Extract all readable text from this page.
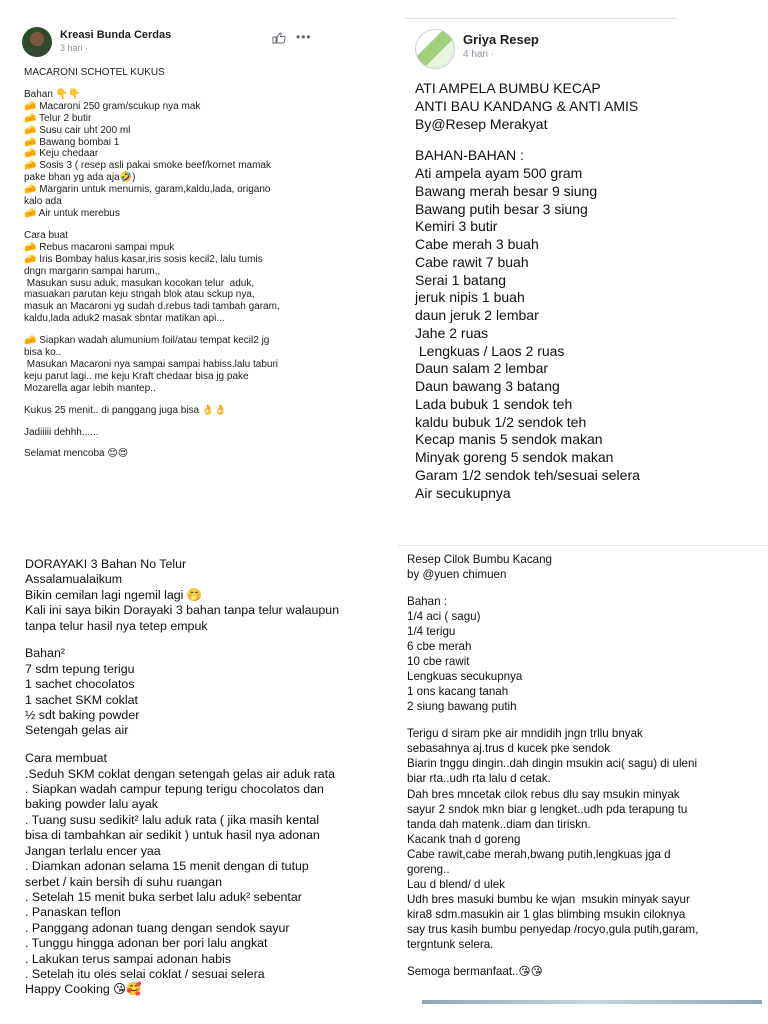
Kreasi Bunda Cerdas
3 hari ·
•••
MACARONI SCHOTEL KUKUS
Bahan 👇👇
🧀 Macaroni 250 gram/scukup nya mak
🧀 Telur 2 butir
🧀 Susu cair uht 200 ml
🧀 Bawang bombai 1
🧀 Keju chedaar
🧀 Sosis 3 ( resep asli pakai smoke beef/kornet mamak
pake bhan yg ada aja🤣)
🧀 Margarin untuk menumis, garam,kaldu,lada, origano
kalo ada
🧀 Air untuk merebus
Cara buat
🧀 Rebus macaroni sampai mpuk
🧀 Iris Bombay halus kasar,iris sosis kecil2, lalu tumis
dngn margarin sampai harum,,
Masukan susu aduk, masukan kocokan telur  aduk,
masuakan parutan keju stngah blok atau sckup nya,
masuk an Macaroni yg sudah d.rebus tadi tambah garam,
kaldu,lada aduk2 masak sbntar matikan api...
🧀 Siapkan wadah alumunium foil/atau tempat kecil2 jg
bisa ko..
Masukan Macaroni nya sampai sampai habiss.lalu taburi
keju parut lagi.. me keju Kraft chedaar bisa jg pake
Mozarella agar lebih mantep..
Kukus 25 menit.. di panggang juga bisa 👌👌
Jadiiiii dehhh......
Selamat mencoba 😊😍
Griya Resep
4 hari ·
ATI AMPELA BUMBU KECAP
ANTI BAU KANDANG & ANTI AMIS
By@Resep Merakyat
BAHAN-BAHAN :
Ati ampela ayam 500 gram
Bawang merah besar 9 siung
Bawang putih besar 3 siung
Kemiri 3 butir
Cabe merah 3 buah
Cabe rawit 7 buah
Serai 1 batang
jeruk nipis 1 buah
daun jeruk 2 lembar
Jahe 2 ruas
Lengkuas / Laos 2 ruas
Daun salam 2 lembar
Daun bawang 3 batang
Lada bubuk 1 sendok teh
kaldu bubuk 1/2 sendok teh
Kecap manis 5 sendok makan
Minyak goreng 5 sendok makan
Garam 1/2 sendok teh/sesuai selera
Air secukupnya
DORAYAKI 3 Bahan No Telur
Assalamualaikum
Bikin cemilan lagi ngemil lagi 🤭
Kali ini saya bikin Dorayaki 3 bahan tanpa telur walaupun
tanpa telur hasil nya tetep empuk
Bahan²
7 sdm tepung terigu
1 sachet chocolatos
1 sachet SKM coklat
½ sdt baking powder
Setengah gelas air
Cara membuat
.Seduh SKM coklat dengan setengah gelas air aduk rata
. Siapkan wadah campur tepung terigu chocolatos dan
baking powder lalu ayak
. Tuang susu sedikit² lalu aduk rata ( jika masih kental
bisa di tambahkan air sedikit ) untuk hasil nya adonan
Jangan terlalu encer yaa
. Diamkan adonan selama 15 menit dengan di tutup
serbet / kain bersih di suhu ruangan
. Setelah 15 menit buka serbet lalu aduk² sebentar
. Panaskan teflon
. Panggang adonan tuang dengan sendok sayur
. Tunggu hingga adonan ber pori lalu angkat
. Lakukan terus sampai adonan habis
. Setelah itu oles selai coklat / sesuai selera
Happy Cooking 😘🥰
Resep Cilok Bumbu Kacang
by @yuen chimuen
Bahan :
1/4 aci ( sagu)
1/4 terigu
6 cbe merah
10 cbe rawit
Lengkuas secukupnya
1 ons kacang tanah
2 siung bawang putih
Terigu d siram pke air mndidih jngn trllu bnyak
sebasahnya aj.trus d kucek pke sendok
Biarin tnggu dingin..dah dingin msukin aci( sagu) di uleni
biar rta..udh rta lalu d cetak.
Dah bres mncetak cilok rebus dlu say msukin minyak
sayur 2 sndok mkn biar g lengket..udh pda terapung tu
tanda dah matenk..diam dan tiriskn.
Kacank tnah d goreng
Cabe rawit,cabe merah,bwang putih,lengkuas jga d
goreng..
Lau d blend/ d ulek
Udh bres masuki bumbu ke wjan  msukin minyak sayur
kira8 sdm.masukin air 1 glas blimbing msukin ciloknya
say trus kasih bumbu penyedap /rocyo,gula putih,garam,
tergntunk selera.
Semoga bermanfaat..😘😘
